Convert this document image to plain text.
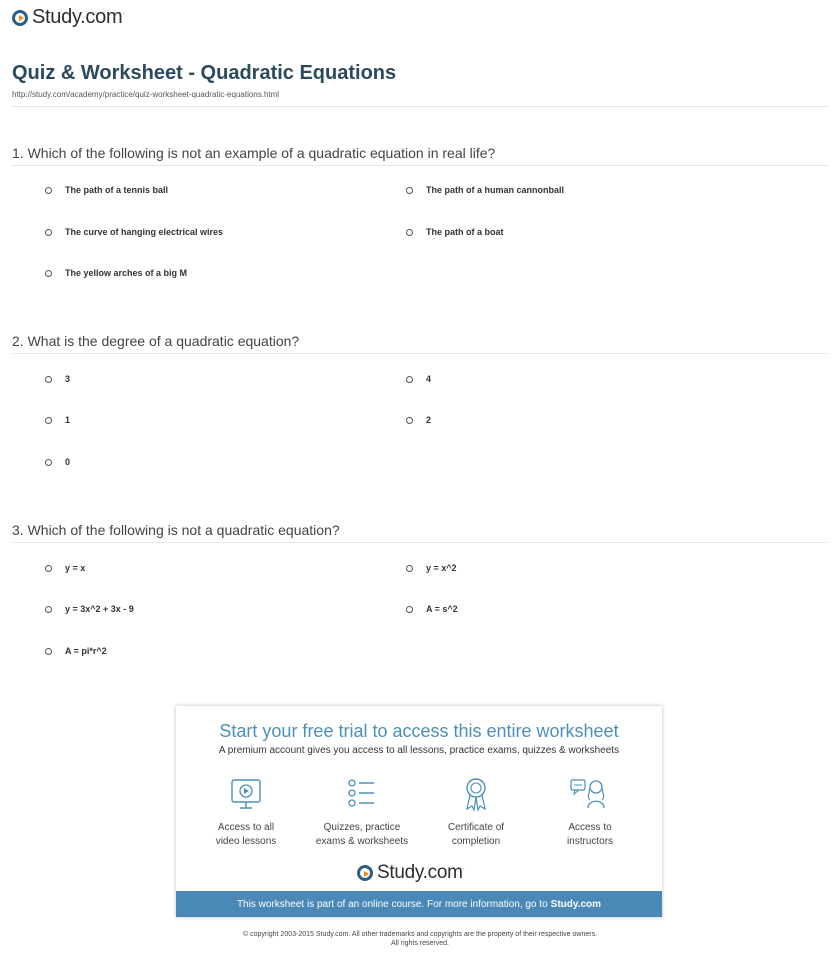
Study.com·
Quiz & Worksheet - Quadratic Equations
http://study.com/academy/practice/quiz-worksheet-quadratic-equations.html
1. Which of the following is not an example of a quadratic equation in real life?
The path of a tennis ball	The path of a human cannonball
The curve of hanging electrical wires	The path of a boat
The yellow arches of a big M
2. What is the degree of a quadratic equation?
3	4
1	2
0
3. Which of the following is not a quadratic equation?
y = x	y = x^2
y = 3x^2 + 3x - 9	A = s^2
A = pi*r^2
Start your free trial to access this entire worksheet
A premium account gives you access to all lessons, practice exams, quizzes & worksheets
Access to all
video lessons
Quizzes, practice
exams & worksheets
Certificate of
completion
Access to
instructors
Study.com·
This worksheet is part of an online course. For more information, go to Study.com
© copyright 2003-2015 Study.com. All other trademarks and copyrights are the property of their respective owners.
All rights reserved.
